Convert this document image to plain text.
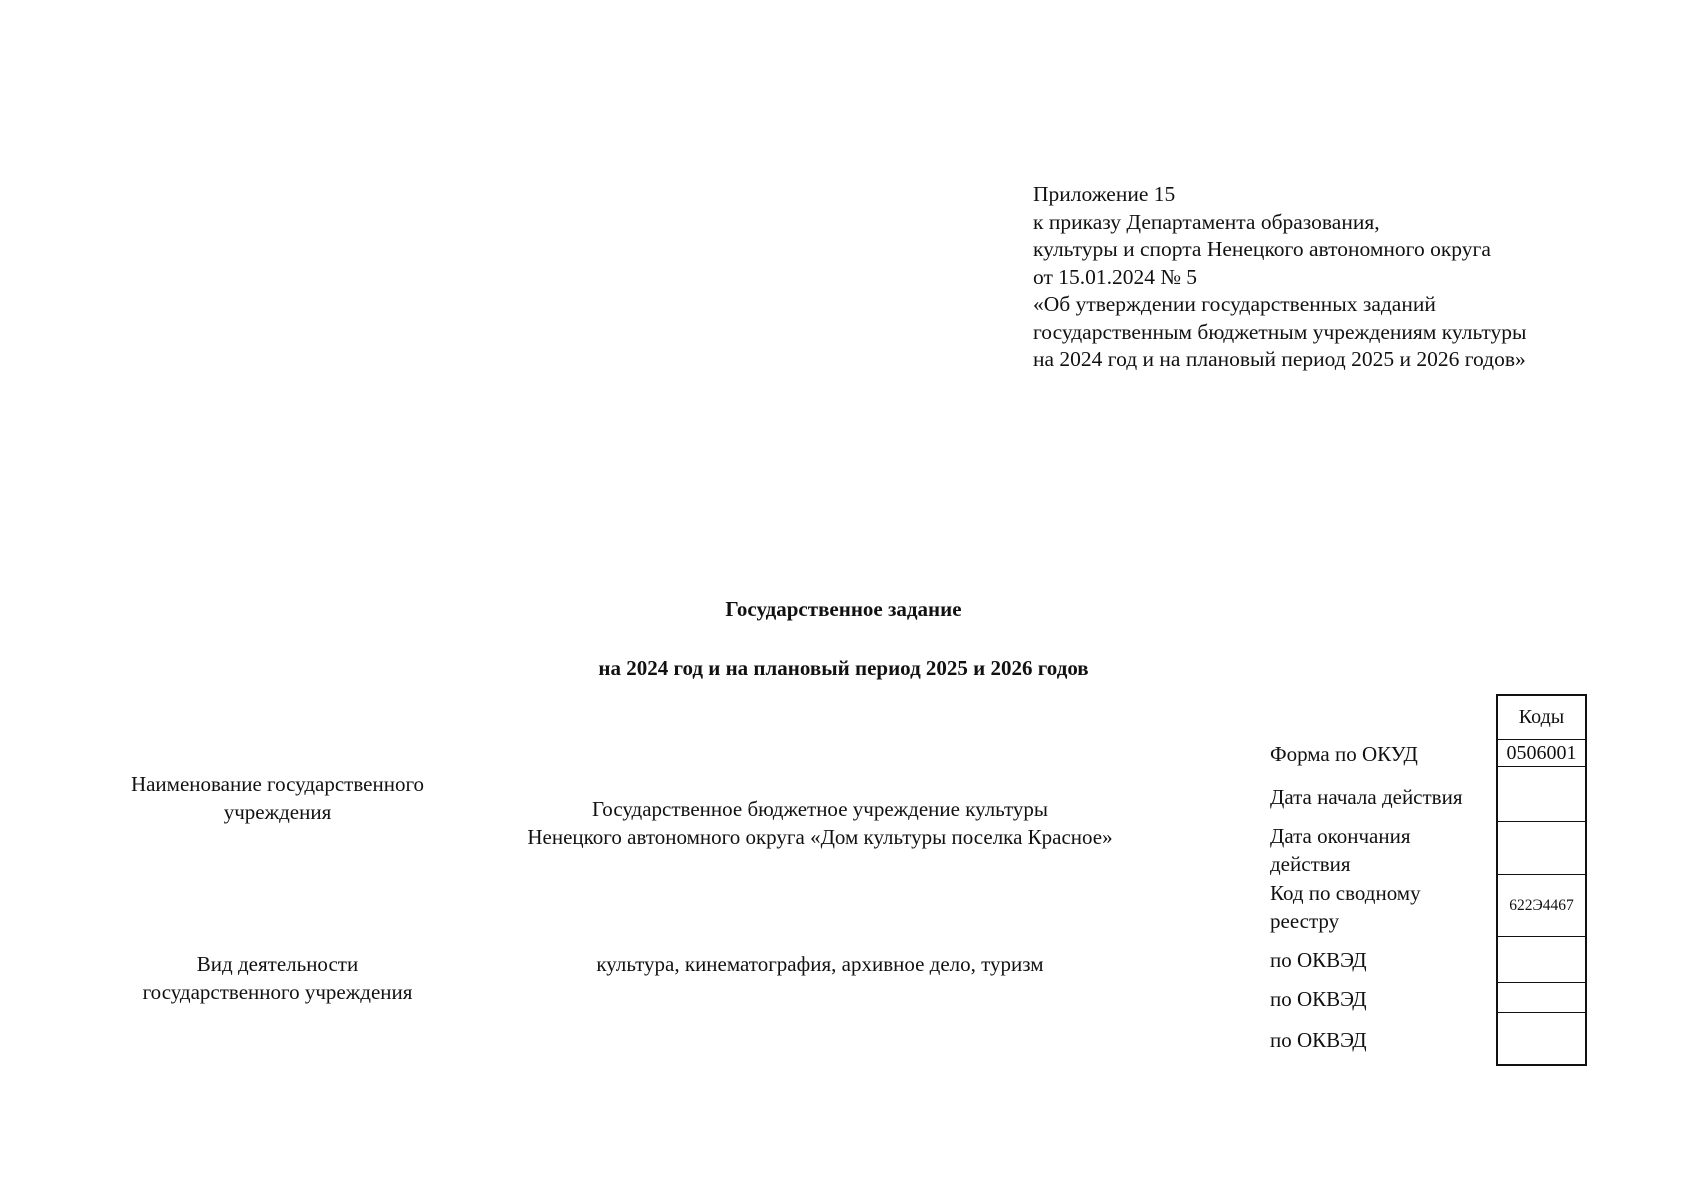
Приложение 15
к приказу Департамента образования,
культуры и спорта Ненецкого автономного округа
от 15.01.2024 № 5
«Об утверждении государственных заданий
государственным бюджетным учреждениям культуры
на 2024 год и на плановый период 2025 и 2026 годов»
Государственное задание
на 2024 год и на плановый период 2025 и 2026 годов
Наименование государственного
учреждения	Государственное бюджетное учреждение культуры
Ненецкого автономного округа «Дом культуры поселка Красное»
Вид деятельности
государственного учреждения
культура, кинематография, архивное дело, туризм
Форма по ОКУД
Дата начала действия
Дата окончания
действия
Код по сводному
реестру
по ОКВЭД
по ОКВЭД
по ОКВЭД
Коды
0506001
622Э4467
